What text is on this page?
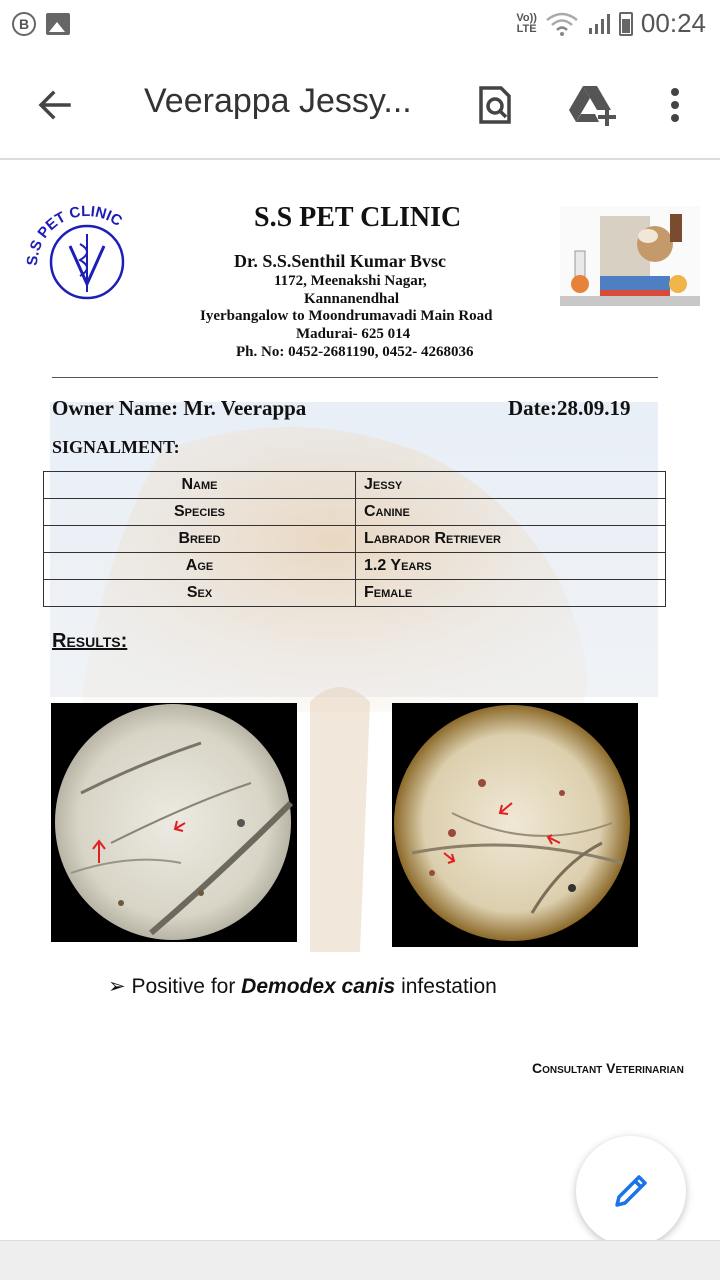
B	Vo))
LTE	00:24
Veerappa Jessy...
S.S PET CLINIC	S.S PET CLINIC
Dr. S.S.Senthil Kumar Bvsc
1172, Meenakshi Nagar,
Kannanendhal
Iyerbangalow to Moondrumavadi Main Road
Madurai- 625 014
Ph. No: 0452-2681190, 0452- 4268036
Owner Name: Mr. Veerappa	Date:28.09.19
SIGNALMENT:
Name	Jessy
Species	Canine
Breed	Labrador Retriever
Age	1.2 Years
Sex	Female
Results:
➢ Positive for Demodex canis infestation
Consultant Veterinarian
